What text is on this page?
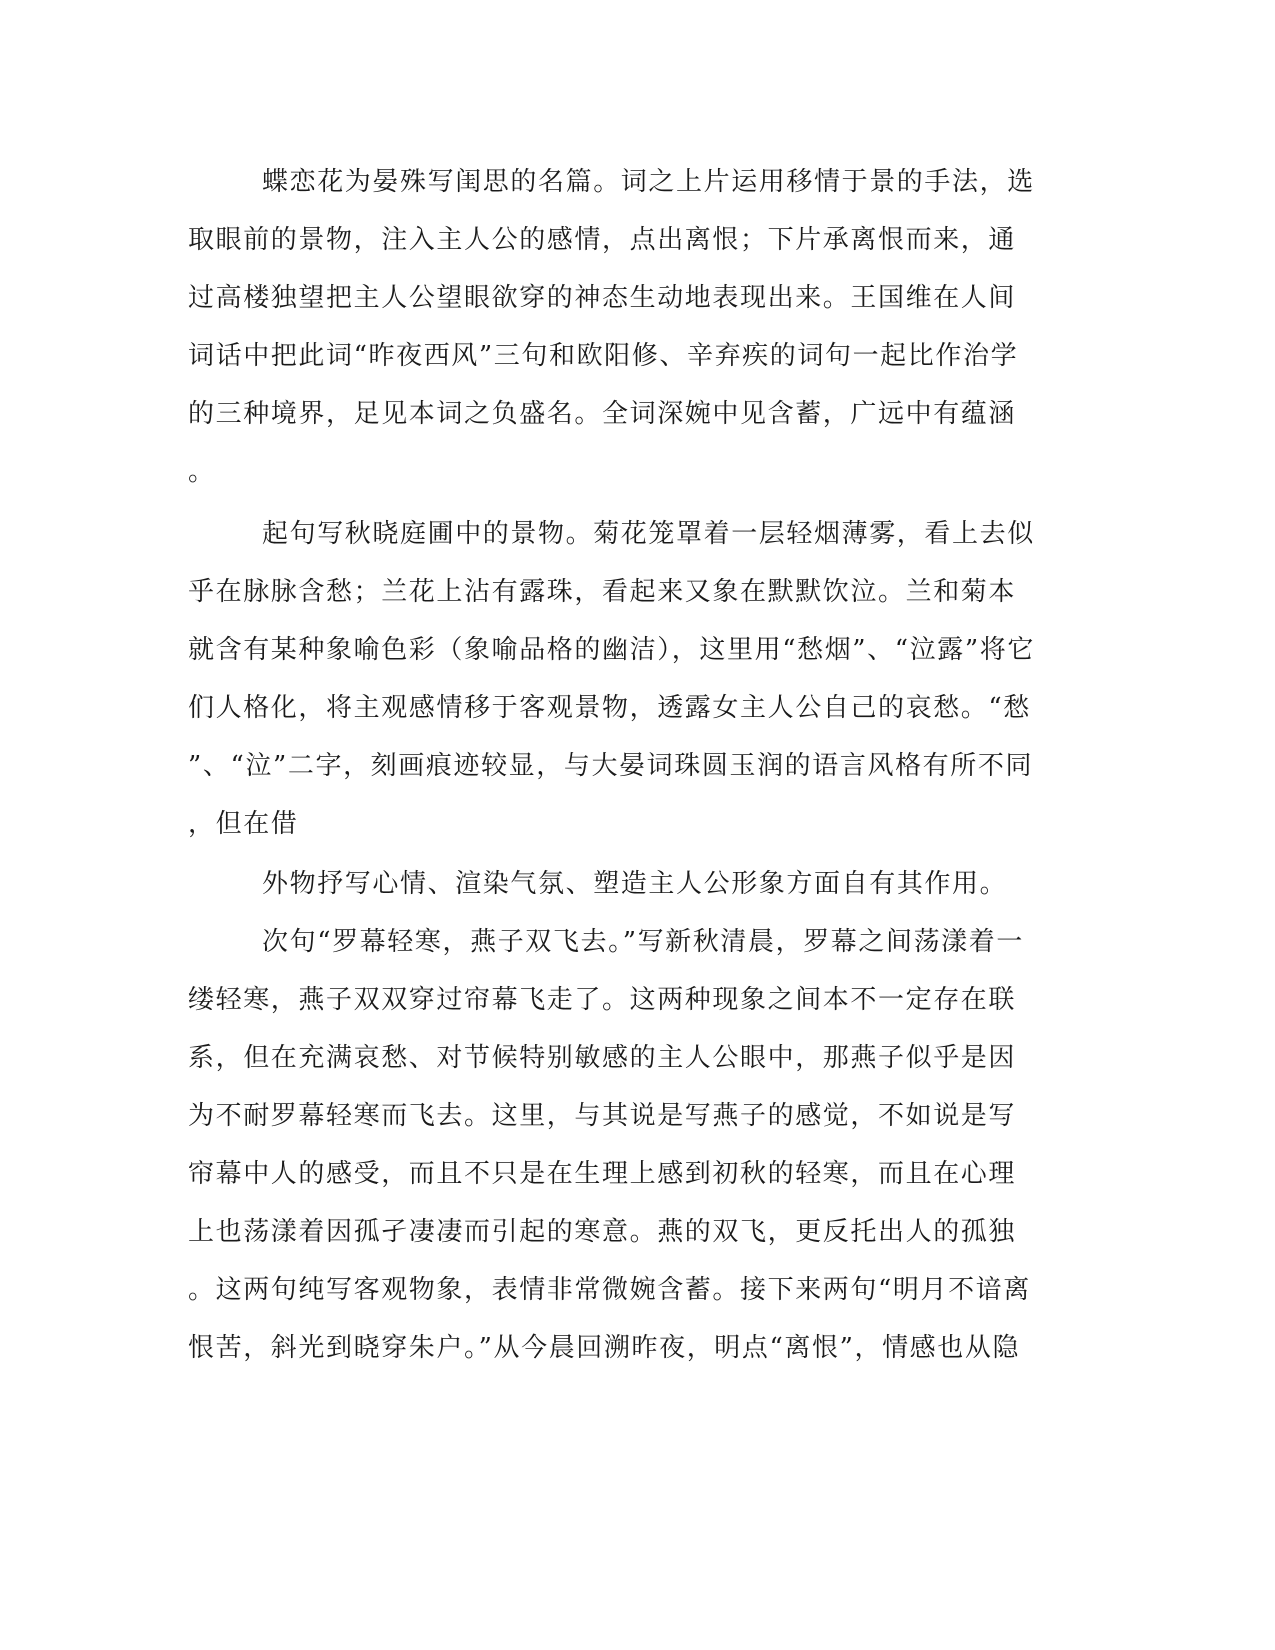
蝶恋花为晏殊写闺思的名篇。词之上片运用移情于景的手法，选
取眼前的景物，注入主人公的感情，点出离恨；下片承离恨而来，通
过高楼独望把主人公望眼欲穿的神态生动地表现出来。王国维在人间
词话中把此词“昨夜西风”三句和欧阳修、辛弃疾的词句一起比作治学
的三种境界，足见本词之负盛名。全词深婉中见含蓄，广远中有蕴涵
。
起句写秋晓庭圃中的景物。菊花笼罩着一层轻烟薄雾，看上去似
乎在脉脉含愁；兰花上沾有露珠，看起来又象在默默饮泣。兰和菊本
就含有某种象喻色彩（象喻品格的幽洁），这里用“愁烟”、“泣露”将它
们人格化，将主观感情移于客观景物，透露女主人公自己的哀愁。“愁
”、“泣”二字，刻画痕迹较显，与大晏词珠圆玉润的语言风格有所不同
，但在借
外物抒写心情、渲染气氛、塑造主人公形象方面自有其作用。
次句“罗幕轻寒，燕子双飞去。”写新秋清晨，罗幕之间荡漾着一
缕轻寒，燕子双双穿过帘幕飞走了。这两种现象之间本不一定存在联
系，但在充满哀愁、对节候特别敏感的主人公眼中，那燕子似乎是因
为不耐罗幕轻寒而飞去。这里，与其说是写燕子的感觉，不如说是写
帘幕中人的感受，而且不只是在生理上感到初秋的轻寒，而且在心理
上也荡漾着因孤孑凄凄而引起的寒意。燕的双飞，更反托出人的孤独
。这两句纯写客观物象，表情非常微婉含蓄。接下来两句“明月不谙离
恨苦，斜光到晓穿朱户。”从今晨回溯昨夜，明点“离恨”，情感也从隐
